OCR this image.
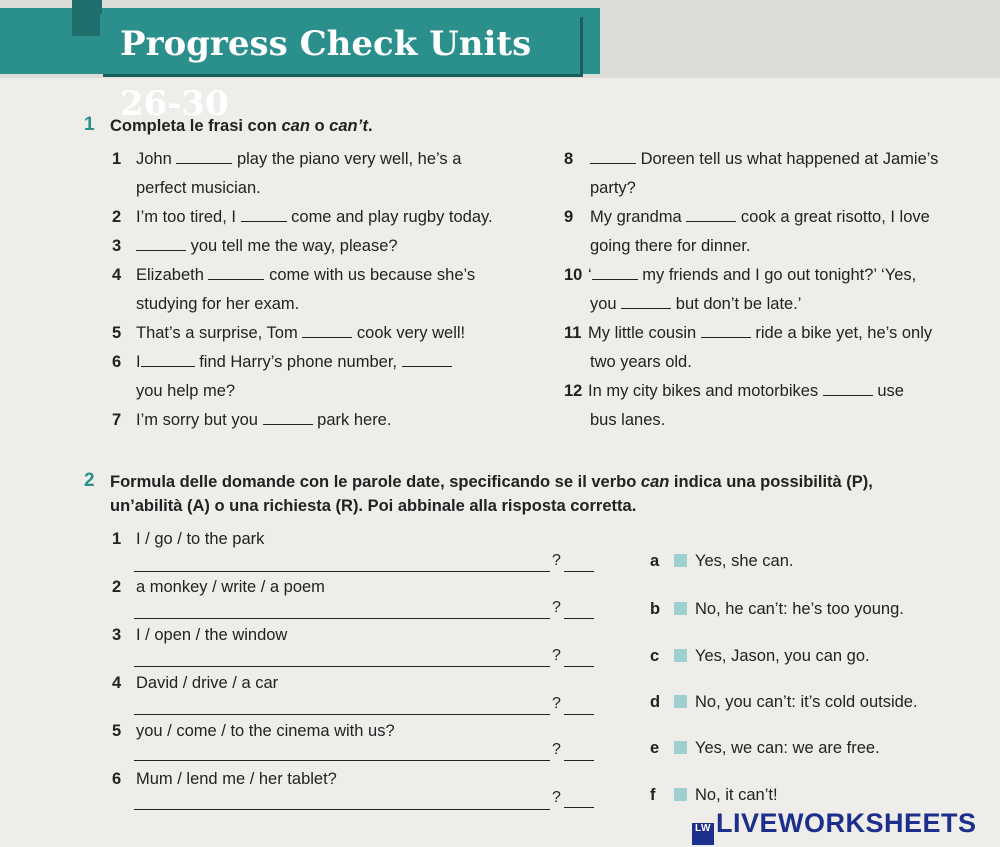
Progress Check Units 26-30
1 Completa le frasi con can o can’t.
1 John	play the piano very well, he’s a
perfect musician.
2 I’m too tired, I	come and play rugby today.
3	you tell me the way, please?
4 Elizabeth	come with us because she’s
studying for her exam.
5 That’s a surprise, Tom	cook very well!
6 I	find Harry’s phone number,
you help me?
7 I’m sorry but you	park here.
8	Doreen tell us what happened at Jamie’s
party?
9 My grandma	cook a great risotto, I love
going there for dinner.
10 ‘	my friends and I go out tonight?’ ‘Yes,
you	but don’t be late.’
11 My little cousin	ride a bike yet, he’s only
two years old.
12 In my city bikes and motorbikes	use
bus lanes.
2 Formula delle domande con le parole date, specificando se il verbo can indica una possibilità (P),
un’abilità (A) o una richiesta (R). Poi abbinale alla risposta corretta.
1 I / go / to the park
?
2 a monkey / write / a poem
?
3 I / open / the window
?
4 David / drive / a car
?
5 you / come / to the cinema with us?
?
6 Mum / lend me / her tablet?
?
a Yes, she can.
b No, he can’t: he’s too young.
c Yes, Jason, you can go.
d No, you can’t: it’s cold outside.
e Yes, we can: we are free.
f No, it can’t!
LW LIVEWORKSHEETS
